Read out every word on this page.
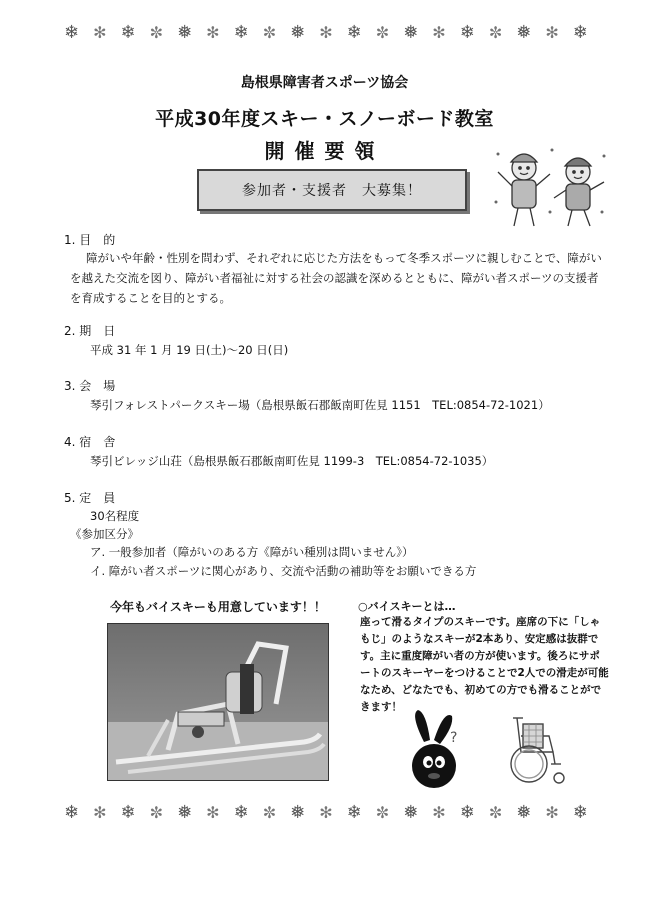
❄ ✻ ❄ ✼ ❅ ✻ ❄ ✼ ❅ ✻ ❄ ✼ ❅ ✻ ❄ ✼ ❅ ✻ ❄
島根県障害者スポーツ協会
平成30年度スキー・スノーボード教室
開催要領
参加者・支援者　大募集！
1. 目　的
障がいや年齢・性別を問わず、それぞれに応じた方法をもって冬季スポーツに親しむことで、障がいを越えた交流を図り、障がい者福祉に対する社会の認識を深めるとともに、障がい者スポーツの支援者を育成することを目的とする。
2. 期　日
平成 31 年 1 月 19 日(土)～20 日(日)
3. 会　場
琴引フォレストパークスキー場（島根県飯石郡飯南町佐見 1151　TEL:0854-72-1021）
4. 宿　舎
琴引ビレッジ山荘（島根県飯石郡飯南町佐見 1199-3　TEL:0854-72-1035）
5. 定　員
30名程度
《参加区分》
ア. 一般参加者（障がいのある方《障がい種別は問いません》）
イ. 障がい者スポーツに関心があり、交流や活動の補助等をお願いできる方
今年もバイスキーも用意しています！！	○バイスキーとは…
座って滑るタイプのスキーです。座席の下に「しゃもじ」のようなスキーが2本あり、安定感は抜群です。主に重度障がい者の方が使います。後ろにサポートのスキーヤーをつけることで2人での滑走が可能なため、どなたでも、初めての方でも滑ることができます！
?
❄ ✻ ❄ ✼ ❅ ✻ ❄ ✼ ❅ ✻ ❄ ✼ ❅ ✻ ❄ ✼ ❅ ✻ ❄
